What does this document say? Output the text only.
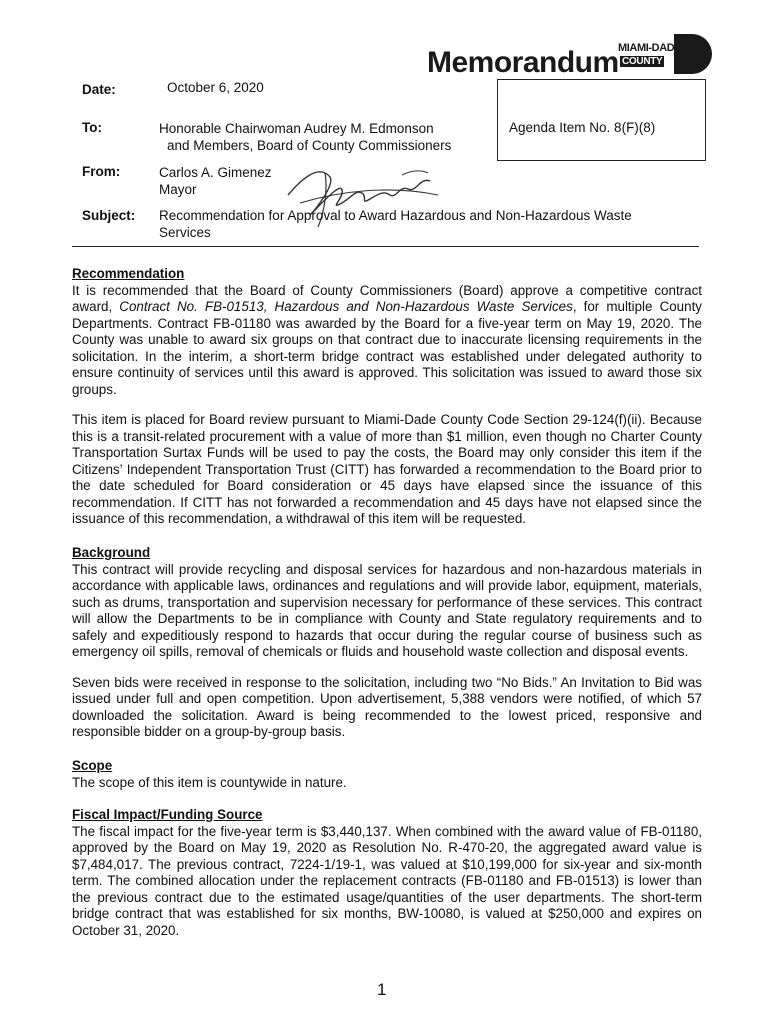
Memorandum MIAMI-DADE
COUNTY
Agenda Item No. 8(F)(8)
Date:	October 6, 2020
To:	Honorable Chairwoman Audrey M. Edmonson
and Members, Board of County Commissioners
From:	Carlos A. Gimenez
Mayor
Subject: Recommendation for Approval to Award Hazardous and Non-Hazardous Waste
Services

Recommendation

It is recommended that the Board of County Commissioners (Board) approve a competitive contract award, Contract No. FB-01513, Hazardous and Non-Hazardous Waste Services, for multiple County Departments. Contract FB-01180 was awarded by the Board for a five-year term on May 19, 2020. The County was unable to award six groups on that contract due to inaccurate licensing requirements in the solicitation. In the interim, a short-term bridge contract was established under delegated authority to ensure continuity of services until this award is approved. This solicitation was issued to award those six groups.

This item is placed for Board review pursuant to Miami-Dade County Code Section 29-124(f)(ii). Because this is a transit-related procurement with a value of more than $1 million, even though no Charter County Transportation Surtax Funds will be used to pay the costs, the Board may only consider this item if the Citizens’ Independent Transportation Trust (CITT) has forwarded a recommendation to the Board prior to the date scheduled for Board consideration or 45 days have elapsed since the issuance of this recommendation. If CITT has not forwarded a recommendation and 45 days have not elapsed since the issuance of this recommendation, a withdrawal of this item will be requested.

Background

This contract will provide recycling and disposal services for hazardous and non-hazardous materials in accordance with applicable laws, ordinances and regulations and will provide labor, equipment, materials, such as drums, transportation and supervision necessary for performance of these services. This contract will allow the Departments to be in compliance with County and State regulatory requirements and to safely and expeditiously respond to hazards that occur during the regular course of business such as emergency oil spills, removal of chemicals or fluids and household waste collection and disposal events.

Seven bids were received in response to the solicitation, including two “No Bids.” An Invitation to Bid was issued under full and open competition. Upon advertisement, 5,388 vendors were notified, of which 57 downloaded the solicitation. Award is being recommended to the lowest priced, responsive and responsible bidder on a group-by-group basis.

Scope

The scope of this item is countywide in nature.

Fiscal Impact/Funding Source

The fiscal impact for the five-year term is $3,440,137. When combined with the award value of FB-01180, approved by the Board on May 19, 2020 as Resolution No. R-470-20, the aggregated award value is $7,484,017. The previous contract, 7224-1/19-1, was valued at $10,199,000 for six-year and six-month term. The combined allocation under the replacement contracts (FB-01180 and FB-01513) is lower than the previous contract due to the estimated usage/quantities of the user departments. The short-term bridge contract that was established for six months, BW-10080, is valued at $250,000 and expires on October 31, 2020.

1
